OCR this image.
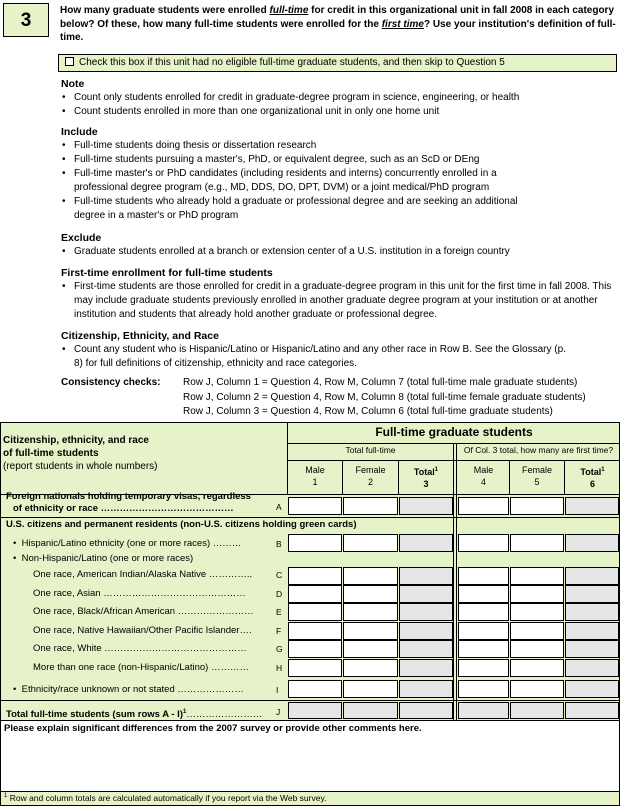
3	How many graduate students were enrolled full-time for credit in this organizational unit in fall 2008 in each category below? Of these, how many full-time students were enrolled for the first time? Use your institution's definition of full-time.
Check this box if this unit had no eligible full-time graduate students, and then skip to Question 5
Note
• Count only students enrolled for credit in graduate-degree program in science, engineering, or health
• Count students enrolled in more than one organizational unit in only one home unit
Include
• Full-time students doing thesis or dissertation research
• Full-time students pursuing a master's, PhD, or equivalent degree, such as an ScD or DEng
• Full-time master's or PhD candidates (including residents and interns) concurrently enrolled in a professional degree program (e.g., MD, DDS, DO, DPT, DVM) or a joint medical/PhD program
• Full-time students who already hold a graduate or professional degree and are seeking an additional degree in a master's or PhD program
Exclude
• Graduate students enrolled at a branch or extension center of a U.S. institution in a foreign country
First-time enrollment for full-time students
• First-time students are those enrolled for credit in a graduate-degree program in this unit for the first time in fall 2008. This may include graduate students previously enrolled in another graduate degree program at your institution or at another institution and students that already hold another graduate or professional degree.
Citizenship, Ethnicity, and Race
• Count any student who is Hispanic/Latino or Hispanic/Latino and any other race in Row B. See the Glossary (p. 8) for full definitions of citizenship, ethnicity and race categories.
Consistency checks: Row J, Column 1 = Question 4, Row M, Column 7 (total full-time male graduate students)
Row J, Column 2 = Question 4, Row M, Column 8 (total full-time female graduate students)
Row J, Column 3 = Question 4, Row M, Column 6 (total full-time graduate students)
Citizenship, ethnicity, and race
of full-time students
(report students in whole numbers)
Full-time graduate students
Total full-time	Of Col. 3 total, how many are first time?
Male
1
Female
2
Total$^1$
3
Male
4
Female
5
Total$^1$
6
Foreign nationals holding temporary visas, regardless
of ethnicity or race ……………………………………	A
U.S. citizens and permanent residents (non-U.S. citizens holding green cards)
•  Hispanic/Latino ethnicity (one or more races) ………	B
•  Non-Hispanic/Latino (one or more races)
One race, American Indian/Alaska Native …………..	C
One race, Asian ………………………………………	D
One race, Black/African American ……………………	E
One race, Native Hawaiian/Other Pacific Islander….	F
One race, White ………………………………………	G
More than one race (non-Hispanic/Latino) …………	H
•  Ethnicity/race unknown or not stated …………………	I
Total full-time students (sum rows A - I)$^1$…………………… J
Please explain significant differences from the 2007 survey or provide other comments here.
$^1$ Row and column totals are calculated automatically if you report via the Web survey.
